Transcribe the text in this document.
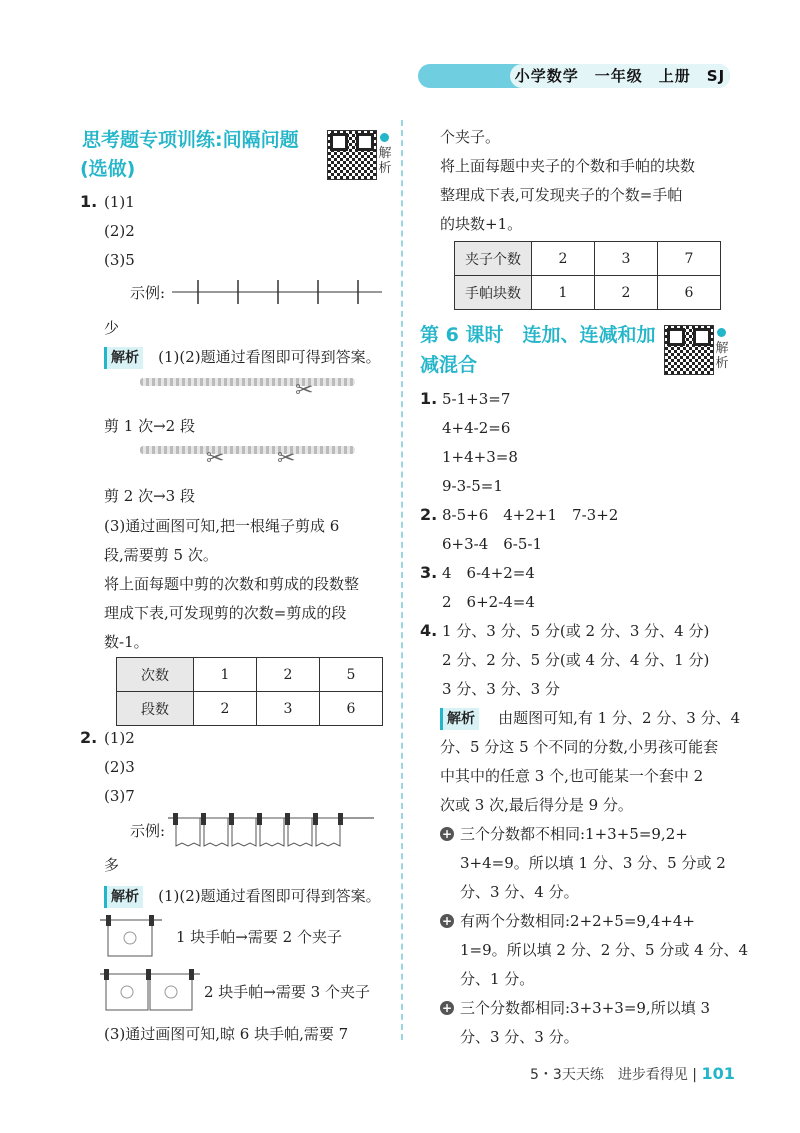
小学数学　一年级　上册　SJ
思考题专项训练:间隔问题
(选做)
解析
1. (1)1
(2)2
(3)5
示例:
少
解析 (1)(2)题通过看图即可得到答案。
✂
剪 1 次→2 段
✂ ✂
剪 2 次→3 段
(3)通过画图可知,把一根绳子剪成 6
段,需要剪 5 次。
将上面每题中剪的次数和剪成的段数整
理成下表,可发现剪的次数=剪成的段
数-1。
次数	1	2	5
段数	2	3	6
2. (1)2
(2)3
(3)7
示例:
多
解析 (1)(2)题通过看图即可得到答案。
1 块手帕→需要 2 个夹子
2 块手帕→需要 3 个夹子
(3)通过画图可知,晾 6 块手帕,需要 7
个夹子。
将上面每题中夹子的个数和手帕的块数
整理成下表,可发现夹子的个数=手帕
的块数+1。
夹子个数	2	3	7
手帕块数	1	2	6
第 6 课时　连加、连减和加
减混合
解析
1. 5-1+3=7
4+4-2=6
1+4+3=8
9-3-5=1
2. 8-5+6　4+2+1　7-3+2
6+3-4　6-5-1
3. 4　6-4+2=4
2　6+2-4=4
4. 1 分、3 分、5 分(或 2 分、3 分、4 分)
2 分、2 分、5 分(或 4 分、4 分、1 分)
3 分、3 分、3 分
解析 由题图可知,有 1 分、2 分、3 分、4
分、5 分这 5 个不同的分数,小男孩可能套
中其中的任意 3 个,也可能某一个套中 2
次或 3 次,最后得分是 9 分。
+ 三个分数都不相同:1+3+5=9,2+
3+4=9。所以填 1 分、3 分、5 分或 2
分、3 分、4 分。
+ 有两个分数相同:2+2+5=9,4+4+
1=9。所以填 2 分、2 分、5 分或 4 分、4
分、1 分。
+ 三个分数都相同:3+3+3=9,所以填 3
分、3 分、3 分。
5・3天天练　进步看得见 | 101
